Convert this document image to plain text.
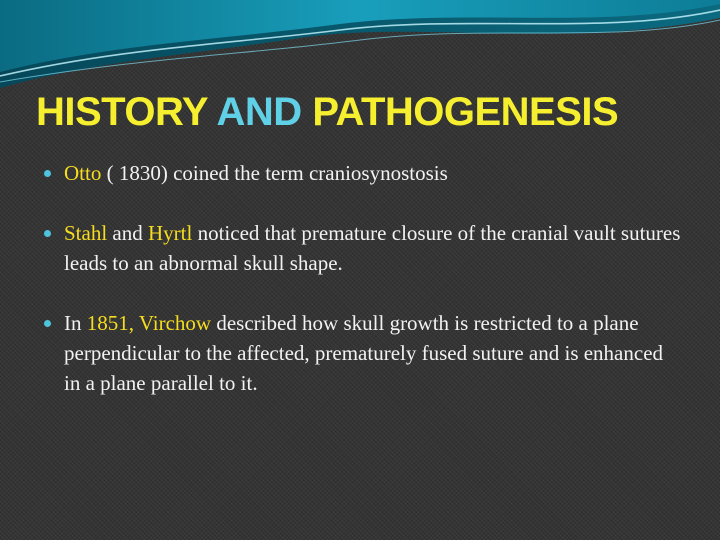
HISTORY AND PATHOGENESIS
Otto ( 1830) coined the term craniosynostosis
Stahl and Hyrtl noticed that premature closure of the cranial vault sutures leads to an abnormal skull shape.
In 1851, Virchow described how skull growth is restricted to a plane perpendicular to the affected, prematurely fused suture and is enhanced in a plane parallel to it.
